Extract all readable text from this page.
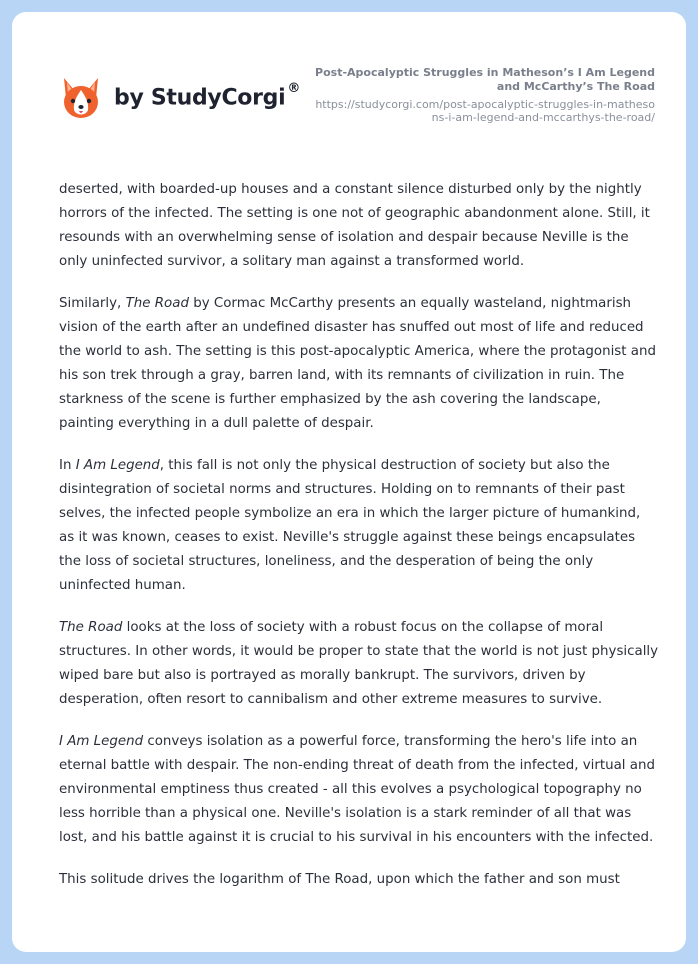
by StudyCorgi ®
Post-Apocalyptic Struggles in Matheson’s I Am Legend and McCarthy’s The Road
https://studycorgi.com/post-apocalyptic-struggles-in-mathesons-i-am-legend-and-mccarthys-the-road/

deserted, with boarded-up houses and a constant silence disturbed only by the nightly horrors of the infected. The setting is one not of geographic abandonment alone. Still, it resounds with an overwhelming sense of isolation and despair because Neville is the only uninfected survivor, a solitary man against a transformed world.

Similarly, The Road by Cormac McCarthy presents an equally wasteland, nightmarish vision of the earth after an undefined disaster has snuffed out most of life and reduced the world to ash. The setting is this post-apocalyptic America, where the protagonist and his son trek through a gray, barren land, with its remnants of civilization in ruin. The starkness of the scene is further emphasized by the ash covering the landscape, painting everything in a dull palette of despair.

In I Am Legend, this fall is not only the physical destruction of society but also the disintegration of societal norms and structures. Holding on to remnants of their past selves, the infected people symbolize an era in which the larger picture of humankind, as it was known, ceases to exist. Neville's struggle against these beings encapsulates the loss of societal structures, loneliness, and the desperation of being the only uninfected human.

The Road looks at the loss of society with a robust focus on the collapse of moral structures. In other words, it would be proper to state that the world is not just physically wiped bare but also is portrayed as morally bankrupt. The survivors, driven by desperation, often resort to cannibalism and other extreme measures to survive.

I Am Legend conveys isolation as a powerful force, transforming the hero's life into an eternal battle with despair. The non-ending threat of death from the infected, virtual and environmental emptiness thus created - all this evolves a psychological topography no less horrible than a physical one. Neville's isolation is a stark reminder of all that was lost, and his battle against it is crucial to his survival in his encounters with the infected.

This solitude drives the logarithm of The Road, upon which the father and son must
